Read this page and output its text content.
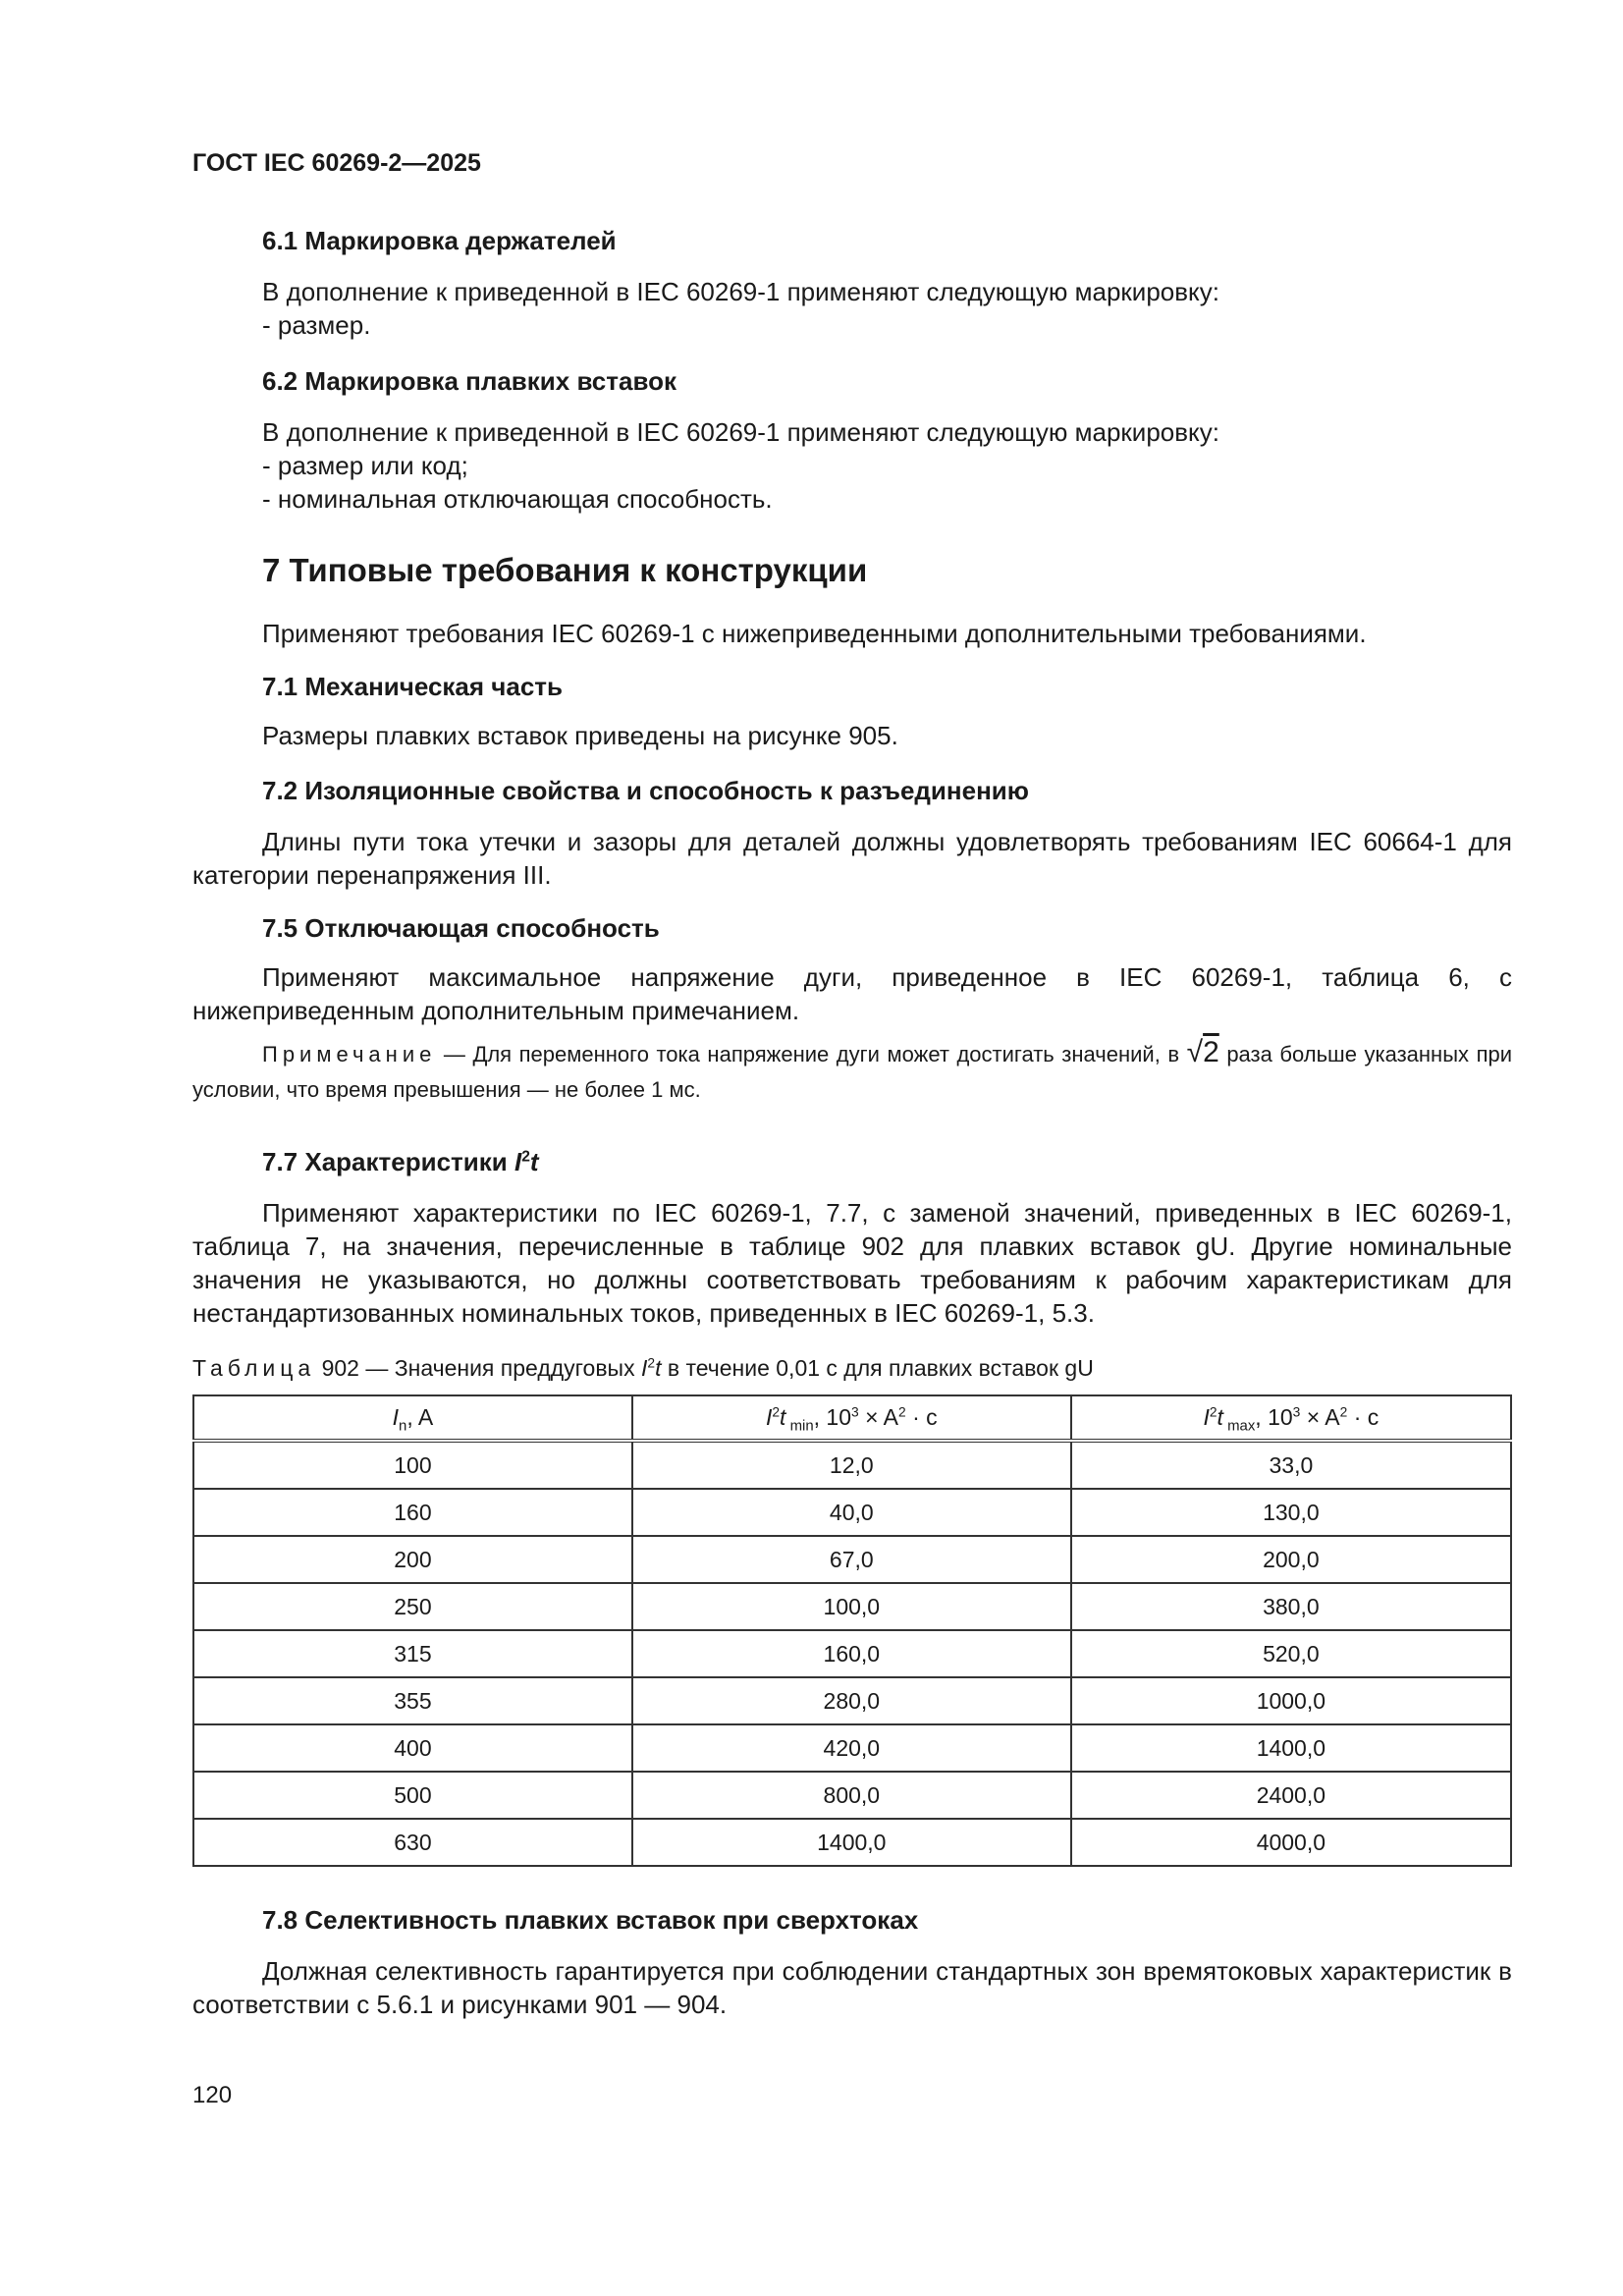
ГОСТ IEC 60269-2—2025
6.1 Маркировка держателей
В дополнение к приведенной в IEC 60269-1 применяют следующую маркировку:
- размер.
6.2 Маркировка плавких вставок
В дополнение к приведенной в IEC 60269-1 применяют следующую маркировку:
- размер или код;
- номинальная отключающая способность.
7 Типовые требования к конструкции
Применяют требования IEC 60269-1 с нижеприведенными дополнительными требованиями.
7.1 Механическая часть
Размеры плавких вставок приведены на рисунке 905.
7.2 Изоляционные свойства и способность к разъединению

Длины пути тока утечки и зазоры для деталей должны удовлетворять требованиям IEC 60664-1 для категории перенапряжения III.

7.5 Отключающая способность

Применяют максимальное напряжение дуги, приведенное в IEC 60269-1, таблица 6, с нижеприведенным дополнительным примечанием.

Примечание — Для переменного тока напряжение дуги может достигать значений, в √2 раза больше указанных при условии, что время превышения — не более 1 мс.

7.7 Характеристики $I^2t$

Применяют характеристики по IEC 60269-1, 7.7, с заменой значений, приведенных в IEC 60269-1, таблица 7, на значения, перечисленные в таблице 902 для плавких вставок gU. Другие номинальные значения не указываются, но должны соответствовать требованиям к рабочим характеристикам для нестандартизованных номинальных токов, приведенных в IEC 60269-1, 5.3.

Таблица 902 — Значения преддуговых $I^2t$ в течение 0,01 с для плавких вставок gU
$I_n$, A	$I^2t$ $_{min}$, $10^3 \times A^2 \cdot с$	$I^2t$ $_{max}$, $10^3 \times A^2 \cdot с$
100	12,0	33,0
160	40,0	130,0
200	67,0	200,0
250	100,0	380,0
315	160,0	520,0
355	280,0	1000,0
400	420,0	1400,0
500	800,0	2400,0
630	1400,0	4000,0
7.8 Селективность плавких вставок при сверхтоках

Должная селективность гарантируется при соблюдении стандартных зон времятоковых характеристик в соответствии с 5.6.1 и рисунками 901 — 904.

120
